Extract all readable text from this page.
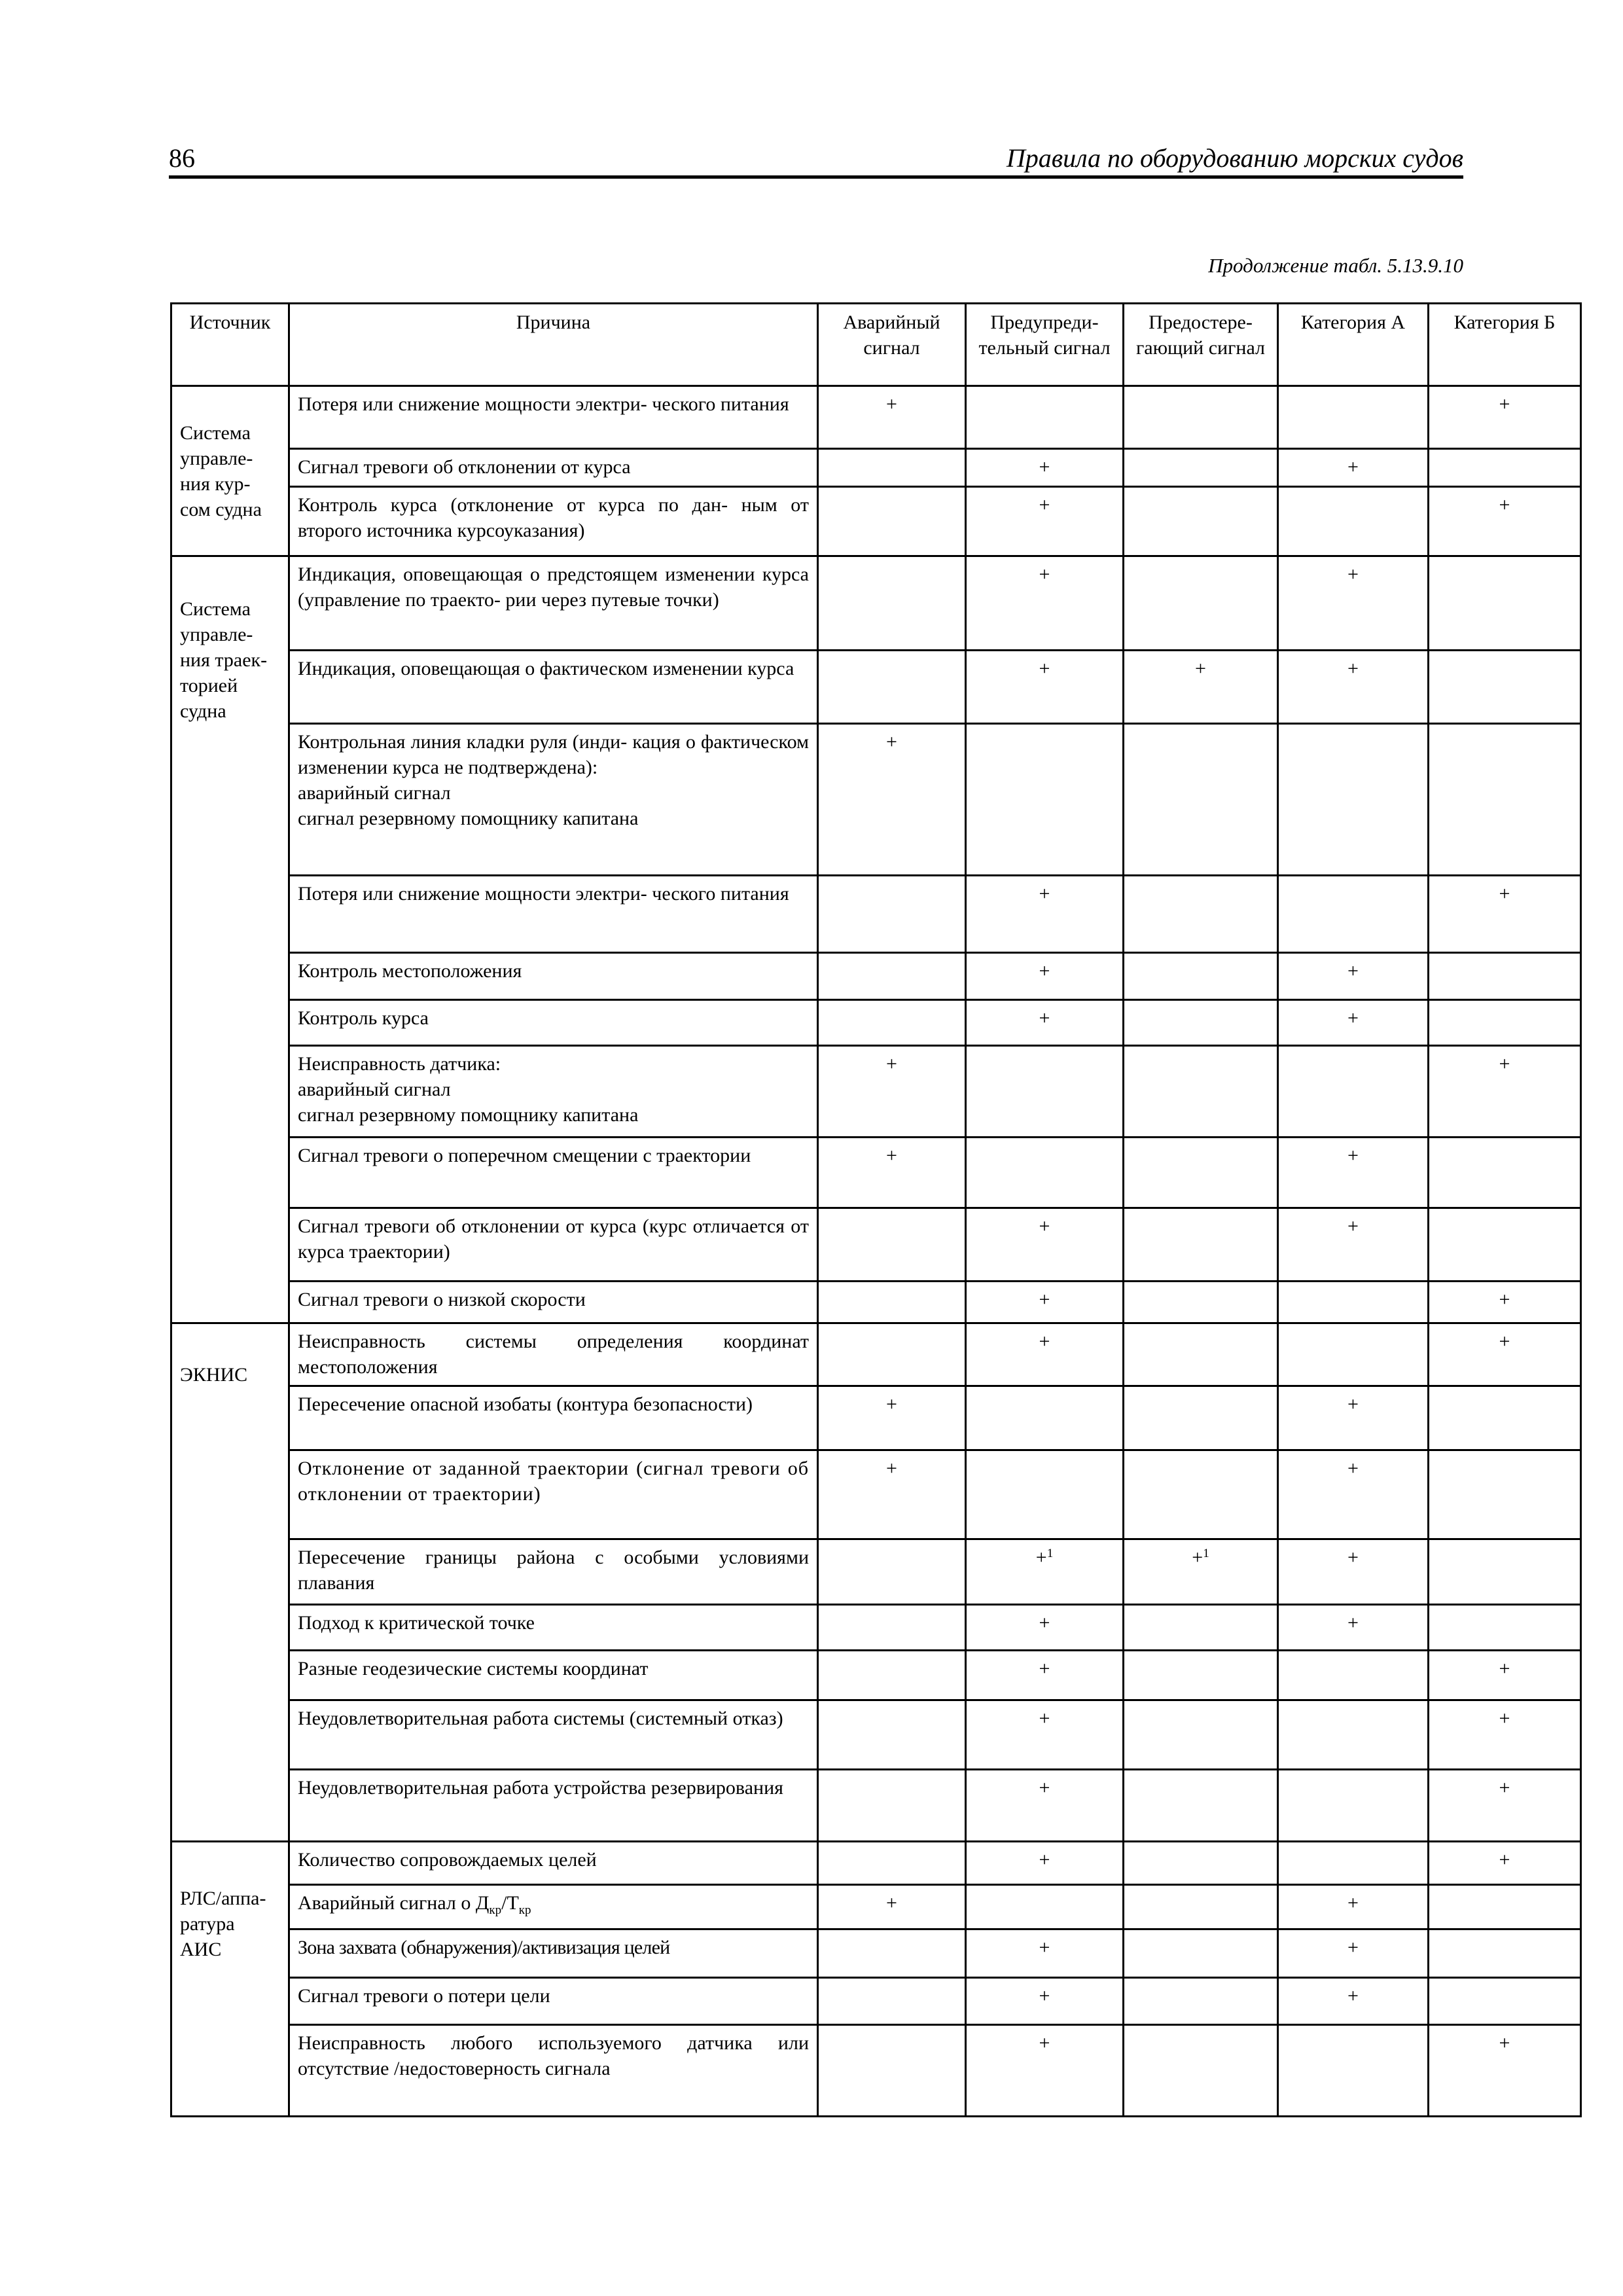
86	Правила по оборудованию морских судов
Продолжение табл. 5.13.9.10
Источник	Причина	Аварийный сигнал	Предупреди- тельный сигнал	Предостере- гающий сигнал	Категория А	Категория Б

Система управле- ния кур- сом судна	Потеря или снижение мощности электри- ческого питания	+				+
	Сигнал тревоги об отклонении от курса		+		+	
	Контроль курса (отклонение от курса по дан- ным от второго источника курсоуказания)		+			+

Система управле- ния траек- торией судна	Индикация, оповещающая о предстоящем изменении курса (управление по траекто- рии через путевые точки)		+		+	
	Индикация, оповещающая о фактическом изменении курса		+	+	+	

	Контрольная линия кладки руля (инди- кация о фактическом изменении курса не подтверждена):
аварийный сигнал
сигнал резервному помощнику капитана	+				
	Потеря или снижение мощности электри- ческого питания		+			+
	Контроль местоположения		+		+	
	Контроль курса		+		+	

	Неисправность датчика:
аварийный сигнал
сигнал резервному помощнику капитана	+				+
	Сигнал тревоги о поперечном смещении с траектории	+			+	
	Сигнал тревоги об отклонении от курса (курс отличается от курса траектории)		+		+	
	Сигнал тревоги о низкой скорости		+			+

ЭКНИС	Неисправность системы определения координат местоположения		+			+
	Пересечение опасной изобаты (контура безопасности)	+			+	
	Отклонение от заданной траектории (сигнал тревоги об отклонении от траектории)	+			+	
	Пересечение границы района с особыми условиями плавания		+$^1$	+$^1$	+	
	Подход к критической точке		+		+	
	Разные геодезические системы координат		+			+
	Неудовлетворительная работа системы (системный отказ)		+			+
	Неудовлетворительная работа устройства резервирования		+			+

РЛС/аппа- ратура АИС	Количество сопровождаемых целей		+			+
	Аварийный сигнал о $Д_{кр}/Т_{кр}$	+			+	
	Зона захвата (обнаружения)/активизация целей		+		+	
	Сигнал тревоги о потери цели		+		+	
	Неисправность любого используемого датчика или отсутствие /недостоверность сигнала		+			+
